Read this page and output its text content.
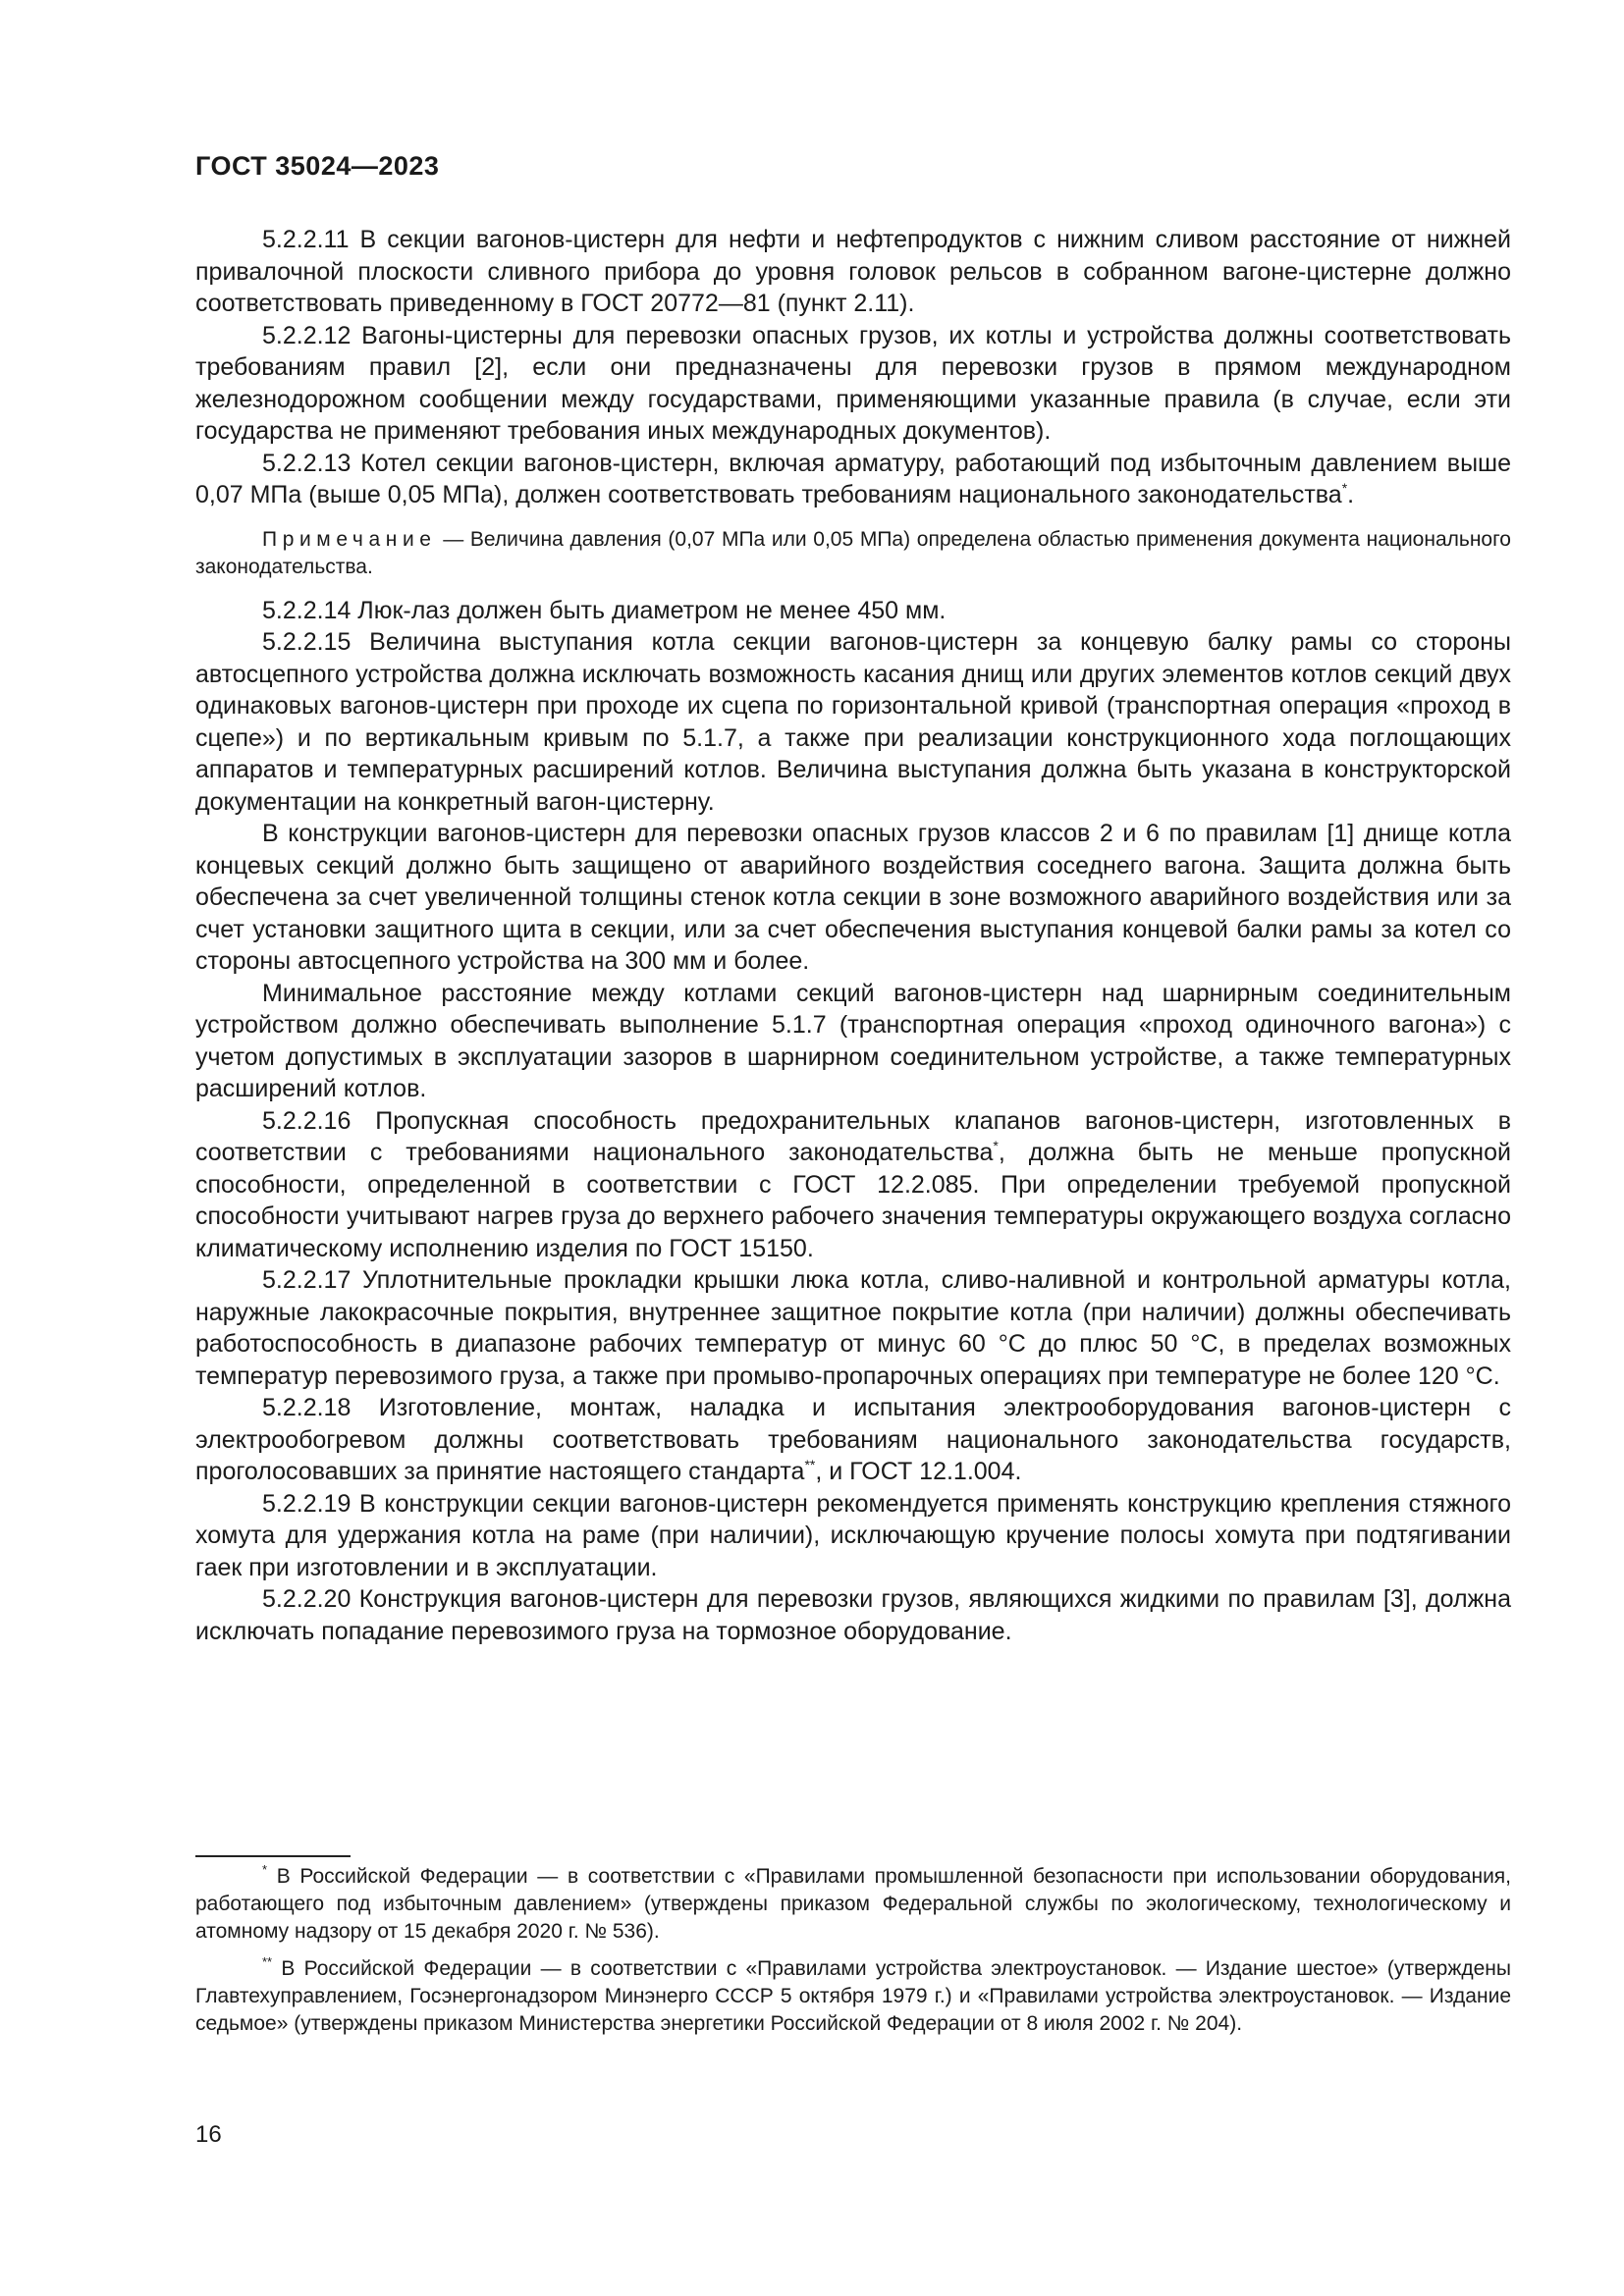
ГОСТ 35024—2023

5.2.2.11 В секции вагонов-цистерн для нефти и нефтепродуктов с нижним сливом расстояние от нижней привалочной плоскости сливного прибора до уровня головок рельсов в собранном вагоне-цистерне должно соответствовать приведенному в ГОСТ 20772—81 (пункт 2.11).

5.2.2.12 Вагоны-цистерны для перевозки опасных грузов, их котлы и устройства должны соответствовать требованиям правил [2], если они предназначены для перевозки грузов в прямом международном железнодорожном сообщении между государствами, применяющими указанные правила (в случае, если эти государства не применяют требования иных международных документов).

5.2.2.13 Котел секции вагонов-цистерн, включая арматуру, работающий под избыточным давлением выше 0,07 МПа (выше 0,05 МПа), должен соответствовать требованиям национального законодательства*.

Примечание — Величина давления (0,07 МПа или 0,05 МПа) определена областью применения документа национального законодательства.

5.2.2.14 Люк-лаз должен быть диаметром не менее 450 мм.

5.2.2.15 Величина выступания котла секции вагонов-цистерн за концевую балку рамы со стороны автосцепного устройства должна исключать возможность касания днищ или других элементов котлов секций двух одинаковых вагонов-цистерн при проходе их сцепа по горизонтальной кривой (транспортная операция «проход в сцепе») и по вертикальным кривым по 5.1.7, а также при реализации конструкционного хода поглощающих аппаратов и температурных расширений котлов. Величина выступания должна быть указана в конструкторской документации на конкретный вагон-цистерну.

В конструкции вагонов-цистерн для перевозки опасных грузов классов 2 и 6 по правилам [1] днище котла концевых секций должно быть защищено от аварийного воздействия соседнего вагона. Защита должна быть обеспечена за счет увеличенной толщины стенок котла секции в зоне возможного аварийного воздействия или за счет установки защитного щита в секции, или за счет обеспечения выступания концевой балки рамы за котел со стороны автосцепного устройства на 300 мм и более.

Минимальное расстояние между котлами секций вагонов-цистерн над шарнирным соединительным устройством должно обеспечивать выполнение 5.1.7 (транспортная операция «проход одиночного вагона») с учетом допустимых в эксплуатации зазоров в шарнирном соединительном устройстве, а также температурных расширений котлов.

5.2.2.16 Пропускная способность предохранительных клапанов вагонов-цистерн, изготовленных в соответствии с требованиями национального законодательства*, должна быть не меньше пропускной способности, определенной в соответствии с ГОСТ 12.2.085. При определении требуемой пропускной способности учитывают нагрев груза до верхнего рабочего значения температуры окружающего воздуха согласно климатическому исполнению изделия по ГОСТ 15150.

5.2.2.17 Уплотнительные прокладки крышки люка котла, сливо-наливной и контрольной арматуры котла, наружные лакокрасочные покрытия, внутреннее защитное покрытие котла (при наличии) должны обеспечивать работоспособность в диапазоне рабочих температур от минус 60 °C до плюс 50 °C, в пределах возможных температур перевозимого груза, а также при промыво-пропарочных операциях при температуре не более 120 °C.

5.2.2.18 Изготовление, монтаж, наладка и испытания электрооборудования вагонов-цистерн с электрообогревом должны соответствовать требованиям национального законодательства государств, проголосовавших за принятие настоящего стандарта**, и ГОСТ 12.1.004.

5.2.2.19 В конструкции секции вагонов-цистерн рекомендуется применять конструкцию крепления стяжного хомута для удержания котла на раме (при наличии), исключающую кручение полосы хомута при подтягивании гаек при изготовлении и в эксплуатации.

5.2.2.20 Конструкция вагонов-цистерн для перевозки грузов, являющихся жидкими по правилам [3], должна исключать попадание перевозимого груза на тормозное оборудование.

* В Российской Федерации — в соответствии с «Правилами промышленной безопасности при использовании оборудования, работающего под избыточным давлением» (утверждены приказом Федеральной службы по экологическому, технологическому и атомному надзору от 15 декабря 2020 г. № 536).

** В Российской Федерации — в соответствии с «Правилами устройства электроустановок. — Издание шестое» (утверждены Главтехуправлением, Госэнергонадзором Минэнерго СССР 5 октября 1979 г.) и «Правилами устройства электроустановок. — Издание седьмое» (утверждены приказом Министерства энергетики Российской Федерации от 8 июля 2002 г. № 204).

16
